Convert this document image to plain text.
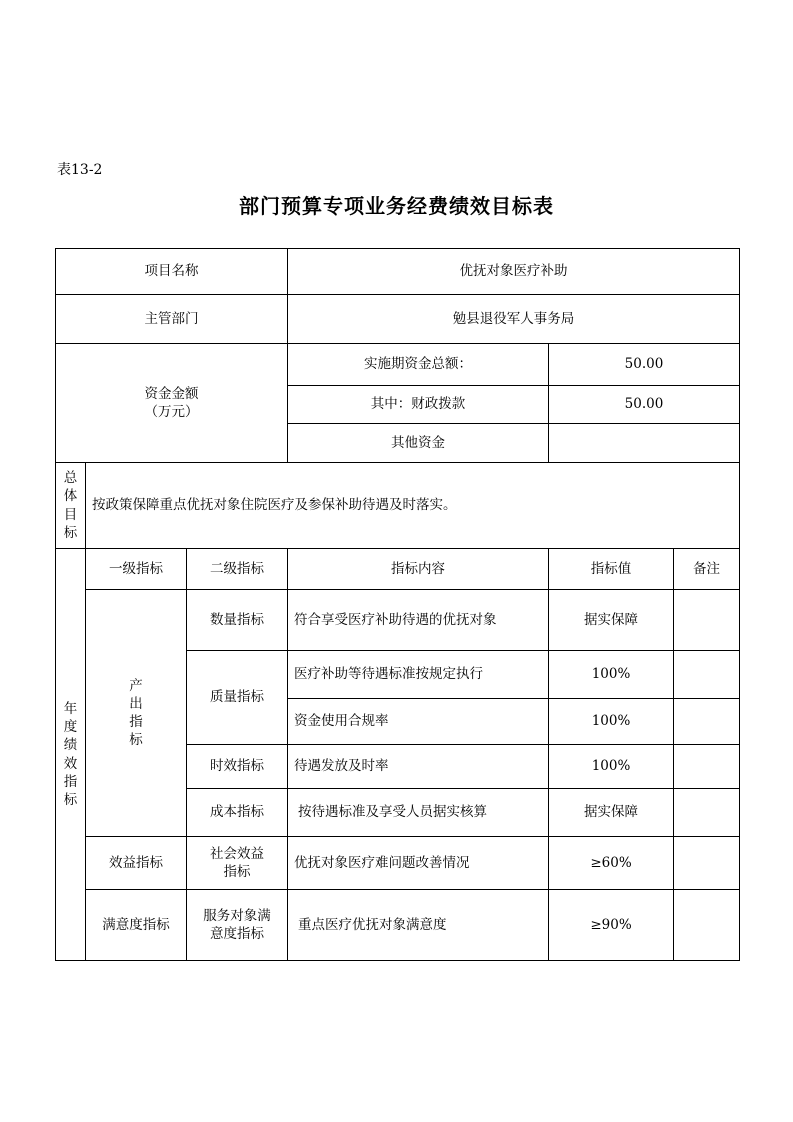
表13-2
部门预算专项业务经费绩效目标表
项目名称			优抚对象医疗补助		
主管部门			勉县退役军人事务局		

资金金额
（万元）			实施期资金总额：	50.00	
			其中：财政拨款	50.00	
			其他资金		
总体目标	按政策保障重点优抚对象住院医疗及参保补助待遇及时落实。				
年度绩效指标	一级指标	二级指标	指标内容	指标值	备注
	产出指标	数量指标	符合享受医疗补助待遇的优抚对象	据实保障	
		质量指标	医疗补助等待遇标准按规定执行	100%	
			资金使用合规率	100%	
		时效指标	待遇发放及时率	100%	
		成本指标	按待遇标准及享受人员据实核算	据实保障	
	效益指标	社会效益指标	优抚对象医疗难问题改善情况	≥60%	
	满意度指标	服务对象满意度指标	重点医疗优抚对象满意度	≥90%	
